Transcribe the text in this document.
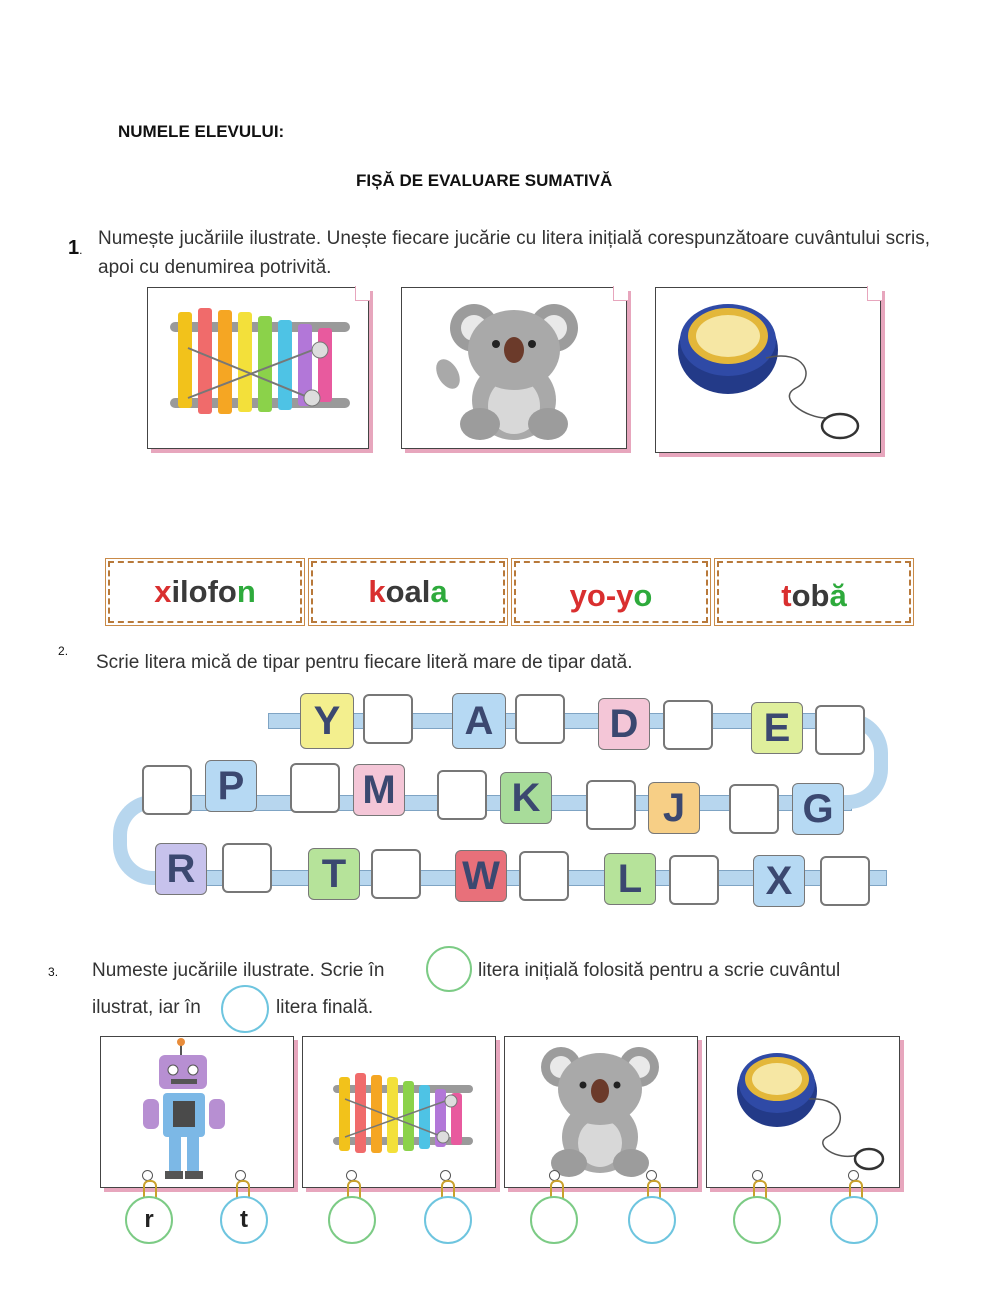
NUMELE ELEVULUI:
FIȘĂ DE EVALUARE SUMATIVĂ
1.
Numește jucăriile ilustrate. Unește fiecare jucărie cu litera inițială corespunzătoare cuvântului scris, apoi cu denumirea potrivită.
xilofon	koala	yo-yo	tobă
2.
Scrie litera mică de tipar pentru fiecare literă mare de tipar dată.
Y	A	D	E
P	M	K	J	G
R	T	W	L	X
3. Numeste jucăriile ilustrate. Scrie în	litera inițială folosită pentru a scrie cuvântul
ilustrat, iar în	litera finală.
r	t
